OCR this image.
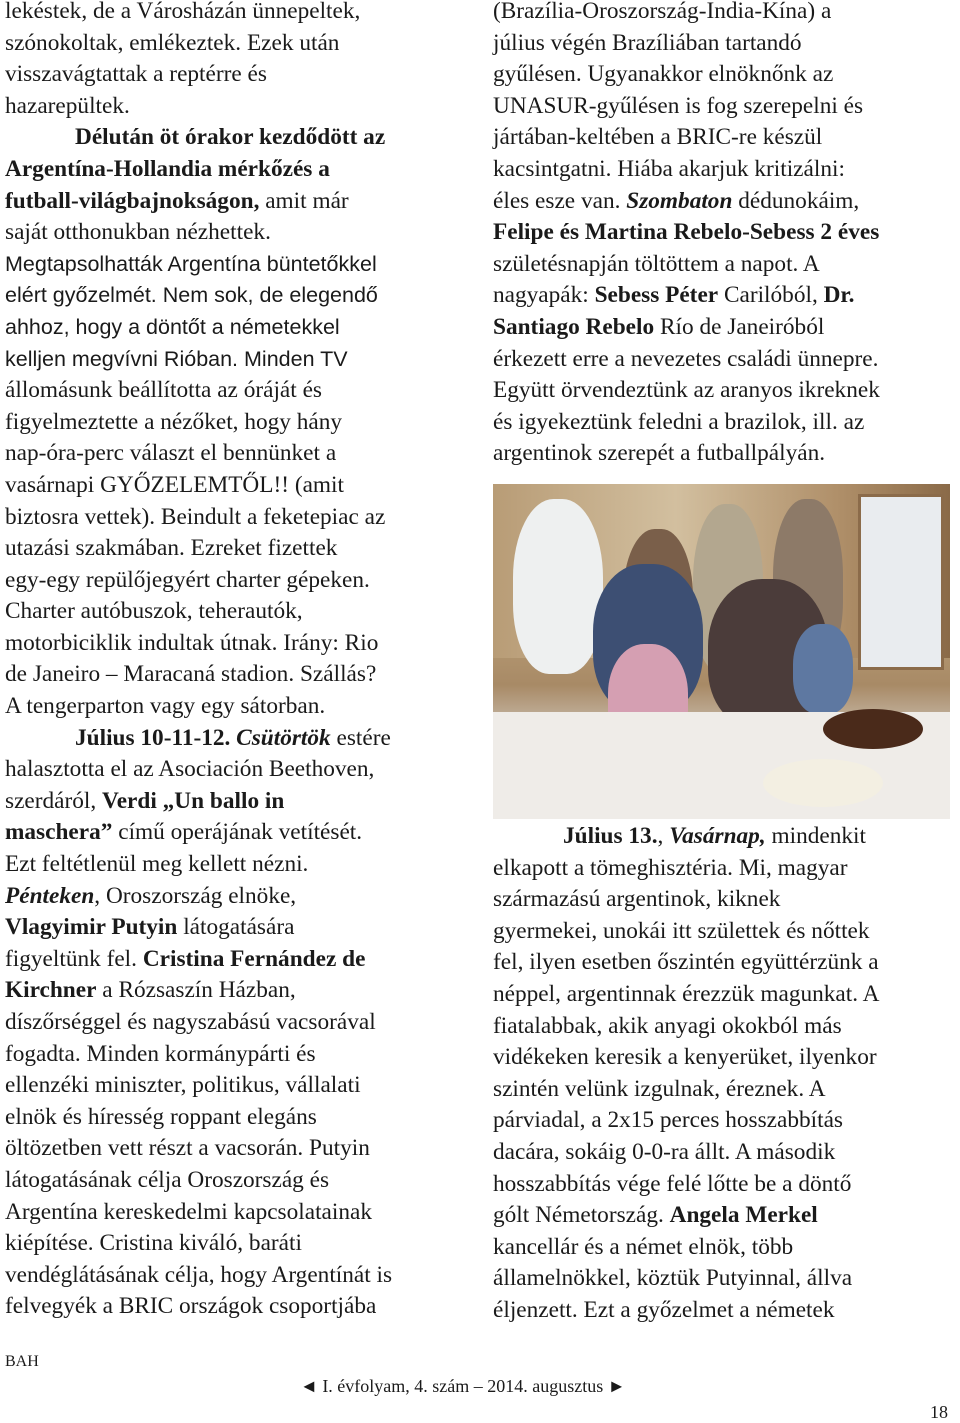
lekéstek, de a Városházán ünnepeltek,

szónokoltak, emlékeztek. Ezek után

visszavágtattak a reptérre és

hazarepültek.

Délután öt órakor kezdődött az

Argentína-Hollandia mérkőzés a

futball-világbajnokságon, amit már

saját otthonukban nézhettek.

Megtapsolhatták Argentína büntetőkkel

elért győzelmét. Nem sok, de elegendő

ahhoz, hogy a döntőt a németekkel

kelljen megvívni Rióban. Minden TV

állomásunk beállította az óráját és

figyelmeztette a nézőket, hogy hány

nap-óra-perc választ el bennünket a

vasárnapi GYŐZELEMTŐL!! (amit

biztosra vettek). Beindult a feketepiac az

utazási szakmában. Ezreket fizettek

egy-egy repülőjegyért charter gépeken.

Charter autóbuszok, teherautók,

motorbiciklik indultak útnak. Irány: Rio

de Janeiro – Maracaná stadion. Szállás?

A tengerparton vagy egy sátorban.

Július 10-11-12. Csütörtök estére

halasztotta el az Asociación Beethoven,

szerdáról, Verdi „Un ballo in

maschera” című operájának vetítését.

Ezt feltétlenül meg kellett nézni.

Pénteken, Oroszország elnöke,

Vlagyimir Putyin látogatására

figyeltünk fel. Cristina Fernández de

Kirchner a Rózsaszín Házban,

díszőrséggel és nagyszabású vacsorával

fogadta. Minden kormánypárti és

ellenzéki miniszter, politikus, vállalati

elnök és híresség roppant elegáns

öltözetben vett részt a vacsorán. Putyin

látogatásának célja Oroszország és

Argentína kereskedelmi kapcsolatainak

kiépítése. Cristina kiváló, baráti

vendéglátásának célja, hogy Argentínát is

felvegyék a BRIC országok csoportjába

(Brazília-Oroszország-India-Kína) a

július végén Brazíliában tartandó

gyűlésen. Ugyanakkor elnöknőnk az

UNASUR-gyűlésen is fog szerepelni és

jártában-keltében a BRIC-re készül

kacsintgatni. Hiába akarjuk kritizálni:

éles esze van. Szombaton dédunokáim,

Felipe és Martina Rebelo-Sebess 2 éves

születésnapján töltöttem a napot. A

nagyapák: Sebess Péter Carilóból, Dr.

Santiago Rebelo Río de Janeiróból

érkezett erre a nevezetes családi ünnepre.

Együtt örvendeztünk az aranyos ikreknek

és igyekeztünk feledni a brazilok, ill. az

argentinok szerepét a futballpályán.

Július 13., Vasárnap, mindenkit

elkapott a tömeghisztéria. Mi, magyar

származású argentinok, kiknek

gyermekei, unokái itt születtek és nőttek

fel, ilyen esetben őszintén együttérzünk a

néppel, argentinnak érezzük magunkat. A

fiatalabbak, akik anyagi okokból más

vidékeken keresik a kenyerüket, ilyenkor

szintén velünk izgulnak, éreznek. A

párviadal, a 2x15 perces hosszabbítás

dacára, sokáig 0-0-ra állt. A második

hosszabbítás vége felé lőtte be a döntő

gólt Németország. Angela Merkel

kancellár és a német elnök, több

államelnökkel, köztük Putyinnal, állva

éljenzett. Ezt a győzelmet a németek

BAH
◄ I. évfolyam, 4. szám – 2014. augusztus ►
18
